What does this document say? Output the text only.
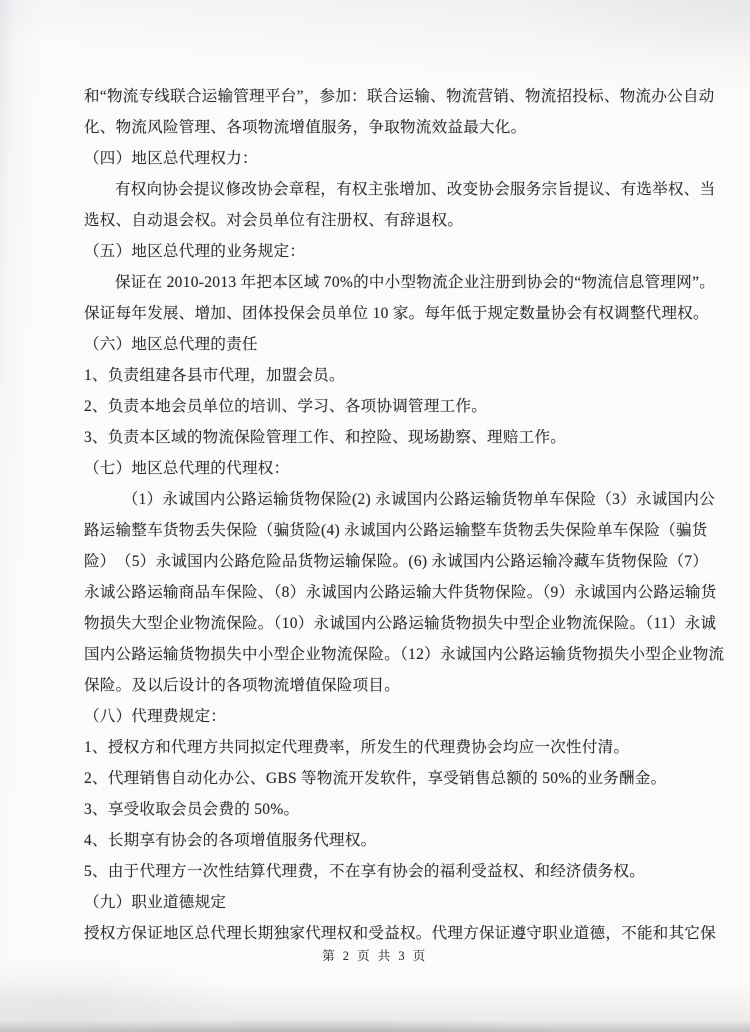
和“物流专线联合运输管理平台”，参加：联合运输、物流营销、物流招投标、物流办公自动
化、物流风险管理、各项物流增值服务，争取物流效益最大化。
（四）地区总代理权力：
有权向协会提议修改协会章程，有权主张增加、改变协会服务宗旨提议、有选举权、当
选权、自动退会权。对会员单位有注册权、有辞退权。
（五）地区总代理的业务规定：
保证在 2010-2013 年把本区域 70%的中小型物流企业注册到协会的“物流信息管理网”。
保证每年发展、增加、团体投保会员单位 10 家。每年低于规定数量协会有权调整代理权。
（六）地区总代理的责任
1、负责组建各县市代理，加盟会员。
2、负责本地会员单位的培训、学习、各项协调管理工作。
3、负责本区域的物流保险管理工作、和控险、现场勘察、理赔工作。
（七）地区总代理的代理权：
（1）永诚国内公路运输货物保险(2) 永诚国内公路运输货物单车保险（3）永诚国内公
路运输整车货物丢失保险（骗货险(4) 永诚国内公路运输整车货物丢失保险单车保险（骗货
险）　（5）永诚国内公路危险品货物运输保险。(6) 永诚国内公路运输冷藏车货物保险（7）
永诚公路运输商品车保险、（8）永诚国内公路运输大件货物保险。（9）永诚国内公路运输货
物损失大型企业物流保险。（10）永诚国内公路运输货物损失中型企业物流保险。（11）永诚
国内公路运输货物损失中小型企业物流保险。（12）永诚国内公路运输货物损失小型企业物流
保险。及以后设计的各项物流增值保险项目。
（八）代理费规定：
1、授权方和代理方共同拟定代理费率，所发生的代理费协会均应一次性付清。
2、代理销售自动化办公、GBS 等物流开发软件，享受销售总额的 50%的业务酬金。
3、享受收取会员会费的 50%。
4、长期享有协会的各项增值服务代理权。
5、由于代理方一次性结算代理费，不在享有协会的福利受益权、和经济债务权。
（九）职业道德规定
授权方保证地区总代理长期独家代理权和受益权。代理方保证遵守职业道德，不能和其它保
第 2 页 共 3 页
